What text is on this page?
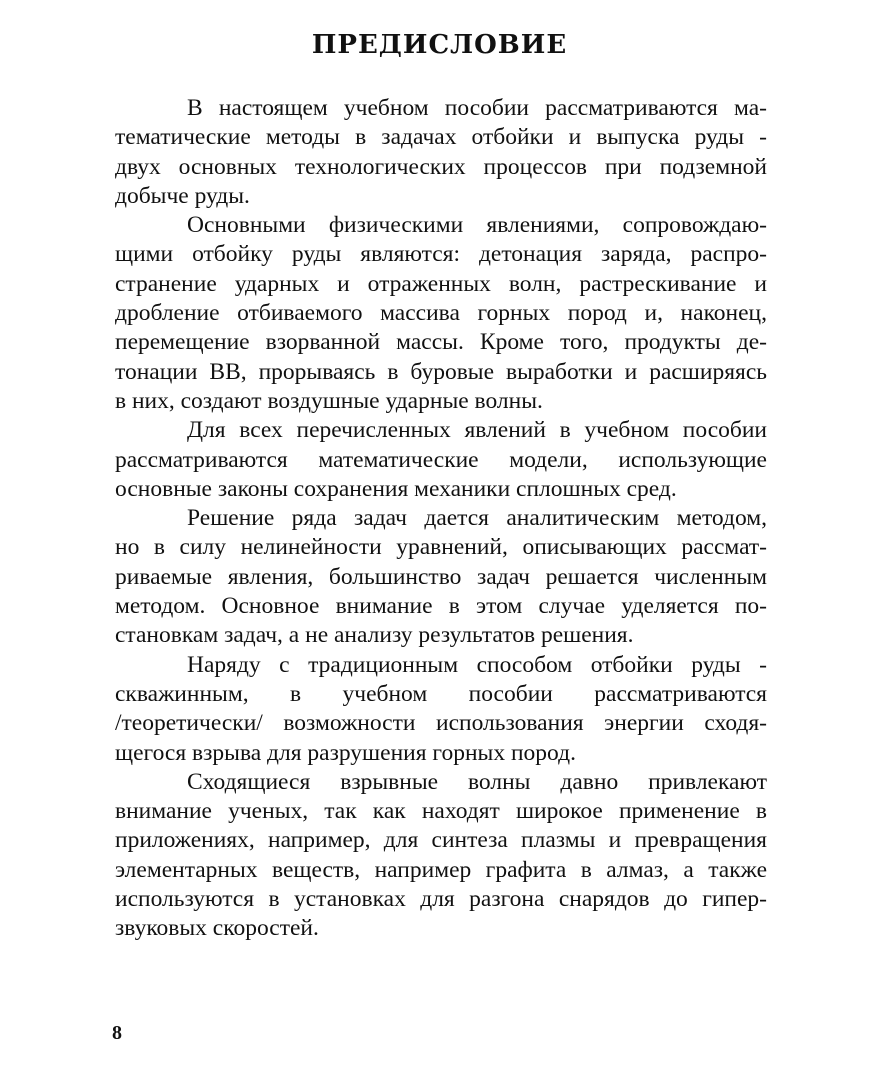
ПРЕДИСЛОВИЕ
В настоящем учебном пособии рассматриваются ма-
тематические методы в задачах отбойки и выпуска руды -
двух основных технологических процессов при подземной
добыче руды.
Основными физическими явлениями, сопровождаю-
щими отбойку руды являются: детонация заряда, распро-
странение ударных и отраженных волн, растрескивание и
дробление отбиваемого массива горных пород и, наконец,
перемещение взорванной массы. Кроме того, продукты де-
тонации ВВ, прорываясь в буровые выработки и расширяясь
в них, создают воздушные ударные волны.
Для всех перечисленных явлений в учебном пособии
рассматриваются математические модели, использующие
основные законы сохранения механики сплошных сред.
Решение ряда задач дается аналитическим методом,
но в силу нелинейности уравнений, описывающих рассмат-
риваемые явления, большинство задач решается численным
методом. Основное внимание в этом случае уделяется по-
становкам задач, а не анализу результатов решения.
Наряду с традиционным способом отбойки руды -
скважинным, в учебном пособии рассматриваются
/теоретически/ возможности использования энергии сходя-
щегося взрыва для разрушения горных пород.
Сходящиеся взрывные волны давно привлекают
внимание ученых, так как находят широкое применение в
приложениях, например, для синтеза плазмы и превращения
элементарных веществ, например графита в алмаз, а также
используются в установках для разгона снарядов до гипер-
звуковых скоростей.
8
